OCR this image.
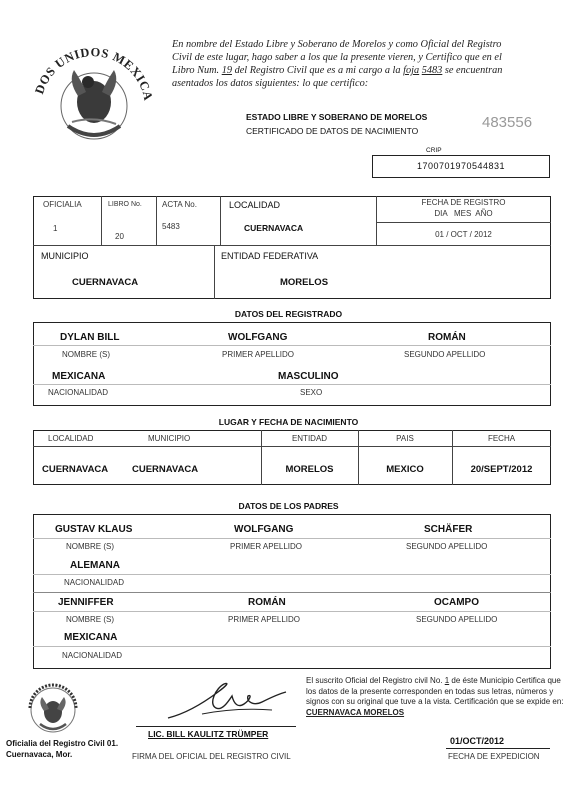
DOS UNIDOS MEXICA
En nombre del Estado Libre y Soberano de Morelos y como Oficial del Registro Civil de este lugar, hago saber a los que la presente vieren, y Certifico que en el Libro Num. 19 del Registro Civil que es a mi cargo a la foja 5483 se encuentran asentados los datos siguientes: lo que certifico:
ESTADO LIBRE Y SOBERANO DE MORELOS
CERTIFICADO DE DATOS DE NACIMIENTO	483556
CRIP
1700701970544831
OFICIALIA
1
LIBRO No.
20
ACTA No.
5483
LOCALIDAD
CUERNAVACA
FECHA DE REGISTRO
DIA   MES  AÑO
01 / OCT / 2012
MUNICIPIO
CUERNAVACA
ENTIDAD FEDERATIVA
MORELOS
DATOS DEL REGISTRADO
DYLAN BILL	WOLFGANG	ROMÁN
NOMBRE (S)	PRIMER APELLIDO	SEGUNDO APELLIDO
MEXICANA	MASCULINO
NACIONALIDAD	SEXO
LUGAR Y FECHA DE NACIMIENTO
LOCALIDAD	MUNICIPIO	ENTIDAD	PAIS	FECHA
CUERNAVACA	CUERNAVACA	MORELOS	MEXICO	20/SEPT/2012
DATOS DE LOS PADRES
GUSTAV KLAUS	WOLFGANG	SCHÄFER
NOMBRE (S)	PRIMER APELLIDO	SEGUNDO APELLIDO
ALEMANA
NACIONALIDAD
JENNIFFER	ROMÁN	OCAMPO
NOMBRE (S)	PRIMER APELLIDO	SEGUNDO APELLIDO
MEXICANA
NACIONALIDAD
Oficialia del Registro Civil 01.
Cuernavaca, Mor.
LIC. BILL KAULITZ TRÜMPER
FIRMA DEL OFICIAL DEL REGISTRO CIVIL
El suscrito Oficial del Registro civil No. 1 de éste Municipio Certifica que los datos de la presente corresponden en todas sus letras, números y signos con su original que tuve a la vista. Certificación que se expide en: CUERNAVACA MORELOS
01/OCT/2012
FECHA DE EXPEDICION
